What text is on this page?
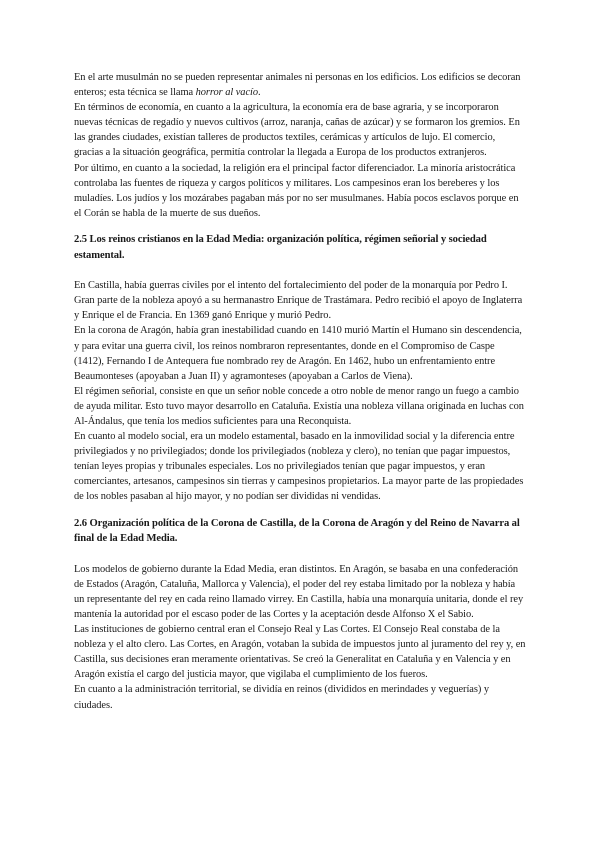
En el arte musulmán no se pueden representar animales ni personas en los edificios. Los edificios se decoran enteros; esta técnica se llama horror al vacío.

En términos de economía, en cuanto a la agricultura, la economía era de base agraria, y se incorporaron nuevas técnicas de regadío y nuevos cultivos (arroz, naranja, cañas de azúcar) y se formaron los gremios. En las grandes ciudades, existían talleres de productos textiles, cerámicas y artículos de lujo. El comercio, gracias a la situación geográfica, permitía controlar la llegada a Europa de los productos extranjeros.

Por último, en cuanto a la sociedad, la religión era el principal factor diferenciador. La minoría aristocrática controlaba las fuentes de riqueza y cargos políticos y militares. Los campesinos eran los bereberes y los muladíes. Los judíos y los mozárabes pagaban más por no ser musulmanes. Había pocos esclavos porque en el Corán se habla de la muerte de sus dueños.

2.5 Los reinos cristianos en la Edad Media: organización política, régimen señorial y sociedad estamental.

En Castilla, había guerras civiles por el intento del fortalecimiento del poder de la monarquía por Pedro I. Gran parte de la nobleza apoyó a su hermanastro Enrique de Trastámara. Pedro recibió el apoyo de Inglaterra y Enrique el de Francia. En 1369 ganó Enrique y murió Pedro.

En la corona de Aragón, había gran inestabilidad cuando en 1410 murió Martín el Humano sin descendencia, y para evitar una guerra civil, los reinos nombraron representantes, donde en el Compromiso de Caspe (1412), Fernando I de Antequera fue nombrado rey de Aragón. En 1462, hubo un enfrentamiento entre Beaumonteses (apoyaban a Juan II) y agramonteses (apoyaban a Carlos de Viena).

El régimen señorial, consiste en que un señor noble concede a otro noble de menor rango un fuego a cambio de ayuda militar. Esto tuvo mayor desarrollo en Cataluña. Existía una nobleza villana originada en luchas con Al-Ándalus, que tenía los medios suficientes para una Reconquista.

En cuanto al modelo social, era un modelo estamental, basado en la inmovilidad social y la diferencia entre privilegiados y no privilegiados; donde los privilegiados (nobleza y clero), no tenían que pagar impuestos, tenían leyes propias y tribunales especiales. Los no privilegiados tenían que pagar impuestos, y eran comerciantes, artesanos, campesinos sin tierras y campesinos propietarios. La mayor parte de las propiedades de los nobles pasaban al hijo mayor, y no podían ser divididas ni vendidas.

2.6 Organización política de la Corona de Castilla, de la Corona de Aragón y del Reino de Navarra al final de la Edad Media.

Los modelos de gobierno durante la Edad Media, eran distintos. En Aragón, se basaba en una confederación de Estados (Aragón, Cataluña, Mallorca y Valencia), el poder del rey estaba limitado por la nobleza y había un representante del rey en cada reino llamado virrey. En Castilla, había una monarquía unitaria, donde el rey mantenía la autoridad por el escaso poder de las Cortes y la aceptación desde Alfonso X el Sabio.

Las instituciones de gobierno central eran el Consejo Real y Las Cortes. El Consejo Real constaba de la nobleza y el alto clero. Las Cortes, en Aragón, votaban la subida de impuestos junto al juramento del rey y, en Castilla, sus decisiones eran meramente orientativas. Se creó la Generalitat en Cataluña y en Valencia y en Aragón existía el cargo del justicia mayor, que vigilaba el cumplimiento de los fueros.

En cuanto a la administración territorial, se dividía en reinos (divididos en merindades y veguerías) y ciudades.
